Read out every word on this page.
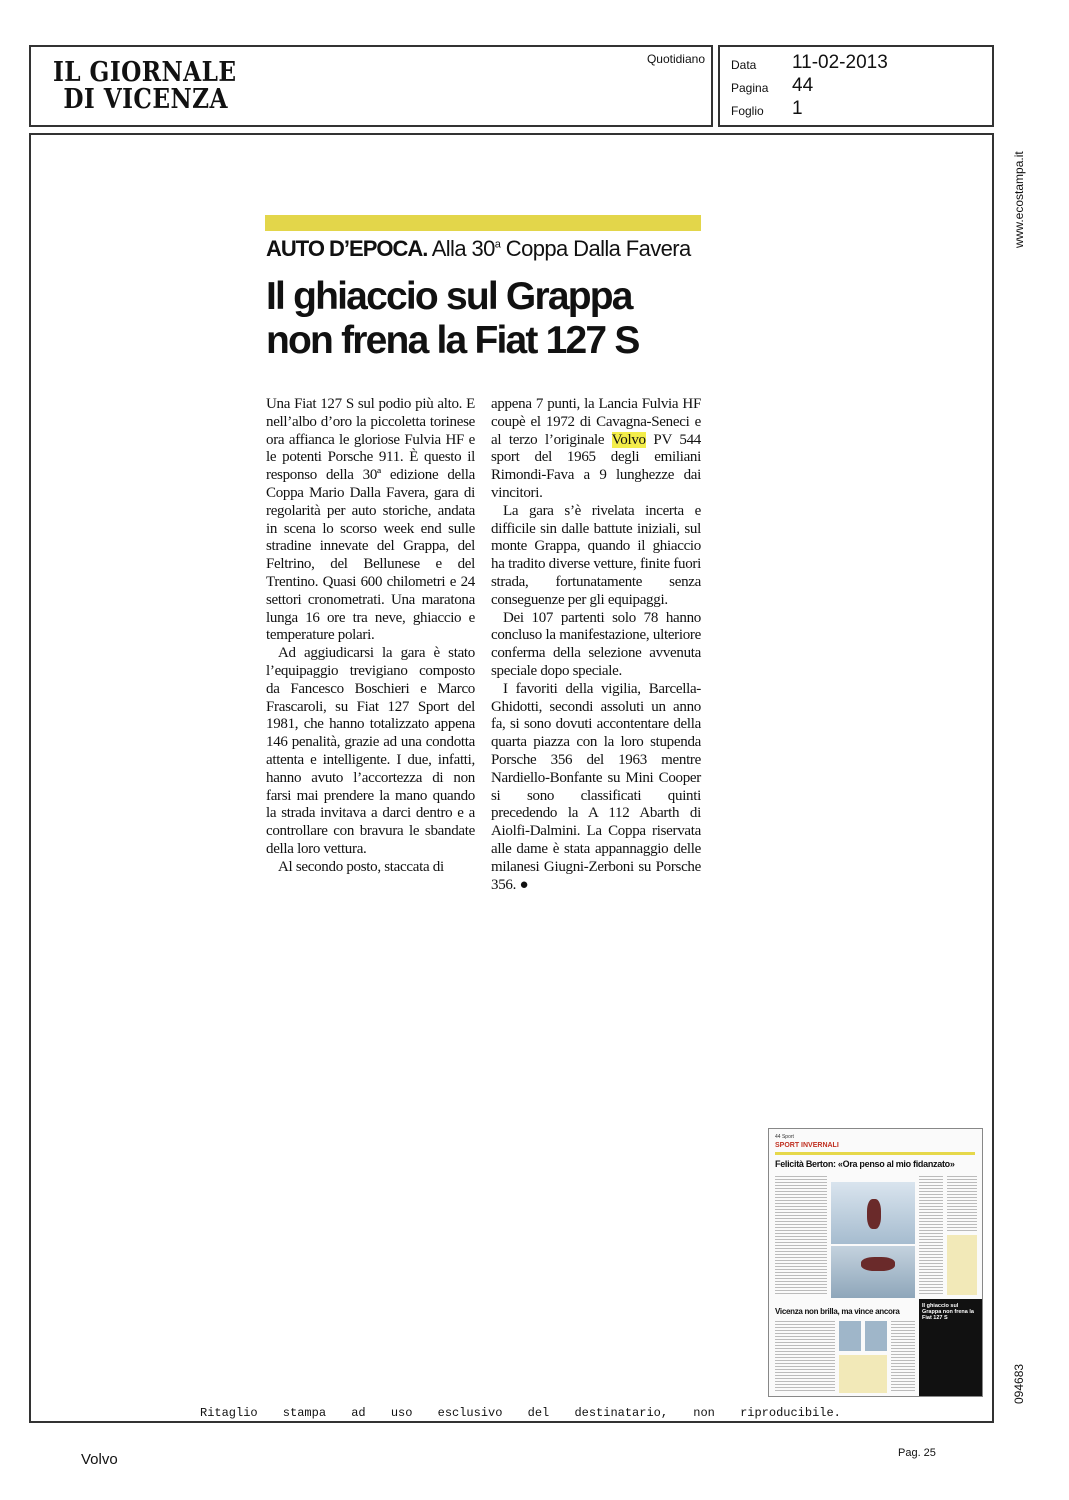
IL GIORNALE
DI VICENZA
Quotidiano Data 11-02-2013
Pagina 44
Foglio 1
www.ecostampa.it
094683
AUTO D’EPOCA. Alla 30$^a$ Coppa Dalla Favera
Il ghiaccio sul Grappa
non frena la Fiat 127 S

Una Fiat 127 S sul podio più alto. E nell’albo d’oro la piccoletta torinese ora affianca le gloriose Fulvia HF e le potenti Porsche 911. È questo il responso della 30ª edizione della Coppa Mario Dalla Favera, gara di regolarità per auto storiche, andata in scena lo scorso week end sulle stradine innevate del Grappa, del Feltrino, del Bellunese e del Trentino. Quasi 600 chilometri e 24 settori cronometrati. Una maratona lunga 16 ore tra neve, ghiaccio e temperature polari.

Ad aggiudicarsi la gara è stato l’equipaggio trevigiano composto da Fancesco Boschieri e Marco Frascaroli, su Fiat 127 Sport del 1981, che hanno totalizzato appena 146 penalità, grazie ad una condotta attenta e intelligente. I due, infatti, hanno avuto l’accortezza di non farsi mai prendere la mano quando la strada invitava a darci dentro e a controllare con bravura le sbandate della loro vettura.

Al secondo posto, staccata di

appena 7 punti, la Lancia Fulvia HF coupè el 1972 di Cavagna-Seneci e al terzo l’originale Volvo PV 544 sport del 1965 degli emiliani Rimondi-Fava a 9 lunghezze dai vincitori.

La gara s’è rivelata incerta e difficile sin dalle battute iniziali, sul monte Grappa, quando il ghiaccio ha tradito diverse vetture, finite fuori strada, fortunatamente senza conseguenze per gli equipaggi.

Dei 107 partenti solo 78 hanno concluso la manifestazione, ulteriore conferma della selezione avvenuta speciale dopo speciale.

I favoriti della vigilia, Barcella-Ghidotti, secondi assoluti un anno fa, si sono dovuti accontentare della quarta piazza con la loro stupenda Porsche 356 del 1963 mentre Nardiello-Bonfante su Mini Cooper si sono classificati quinti precedendo la A 112 Abarth di Aiolfi-Dalmini. La Coppa riservata alle dame è stata appannaggio delle milanesi Giugni-Zerboni su Porsche 356. ●

44 Sport
SPORT INVERNALI
Felicità Berton: «Ora penso al mio fidanzato»
Vicenza non brilla, ma vince ancora
Il ghiaccio sul Grappa non frena la Fiat 127 S
Ritaglio stampa ad uso esclusivo del destinatario, non riproducibile.
Volvo	Pag. 25
